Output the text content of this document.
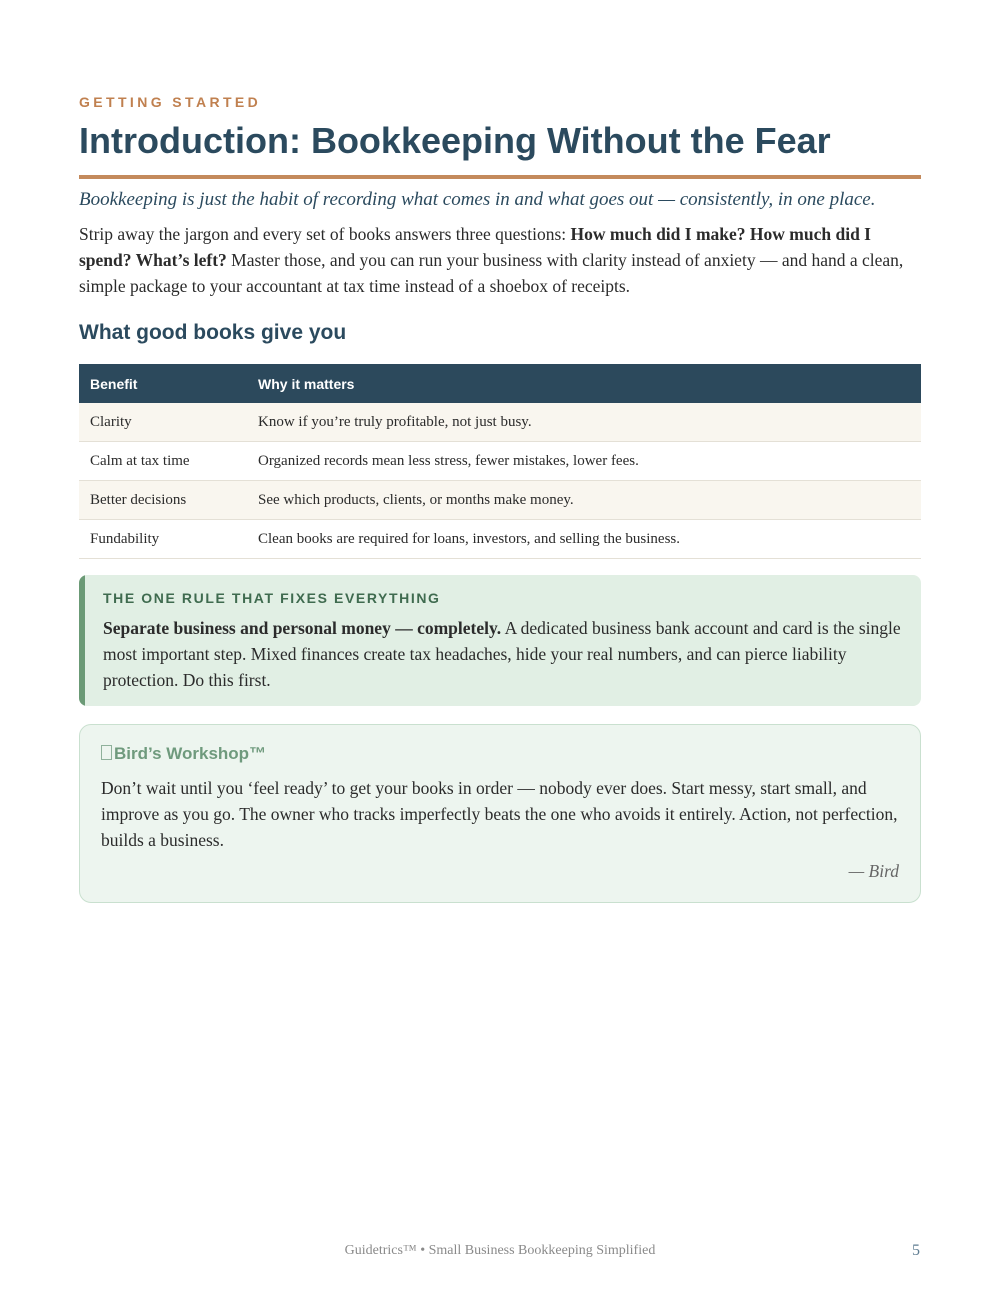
GETTING STARTED
Introduction: Bookkeeping Without the Fear
Bookkeeping is just the habit of recording what comes in and what goes out — consistently, in one place.

Strip away the jargon and every set of books answers three questions: How much did I make? How much did I spend? What’s left? Master those, and you can run your business with clarity instead of anxiety — and hand a clean, simple package to your accountant at tax time instead of a shoebox of receipts.

What good books give you
Benefit	Why it matters
Clarity	Know if you’re truly profitable, not just busy.
Calm at tax time	Organized records mean less stress, fewer mistakes, lower fees.
Better decisions	See which products, clients, or months make money.
Fundability	Clean books are required for loans, investors, and selling the business.
THE ONE RULE THAT FIXES EVERYTHING

Separate business and personal money — completely. A dedicated business bank account and card is the single most important step. Mixed finances create tax headaches, hide your real numbers, and can pierce liability protection. Do this first.

Bird’s Workshop™

Don’t wait until you ‘feel ready’ to get your books in order — nobody ever does. Start messy, start small, and improve as you go. The owner who tracks imperfectly beats the one who avoids it entirely. Action, not perfection, builds a business.

— Bird
Guidetrics™ • Small Business Bookkeeping Simplified	5
